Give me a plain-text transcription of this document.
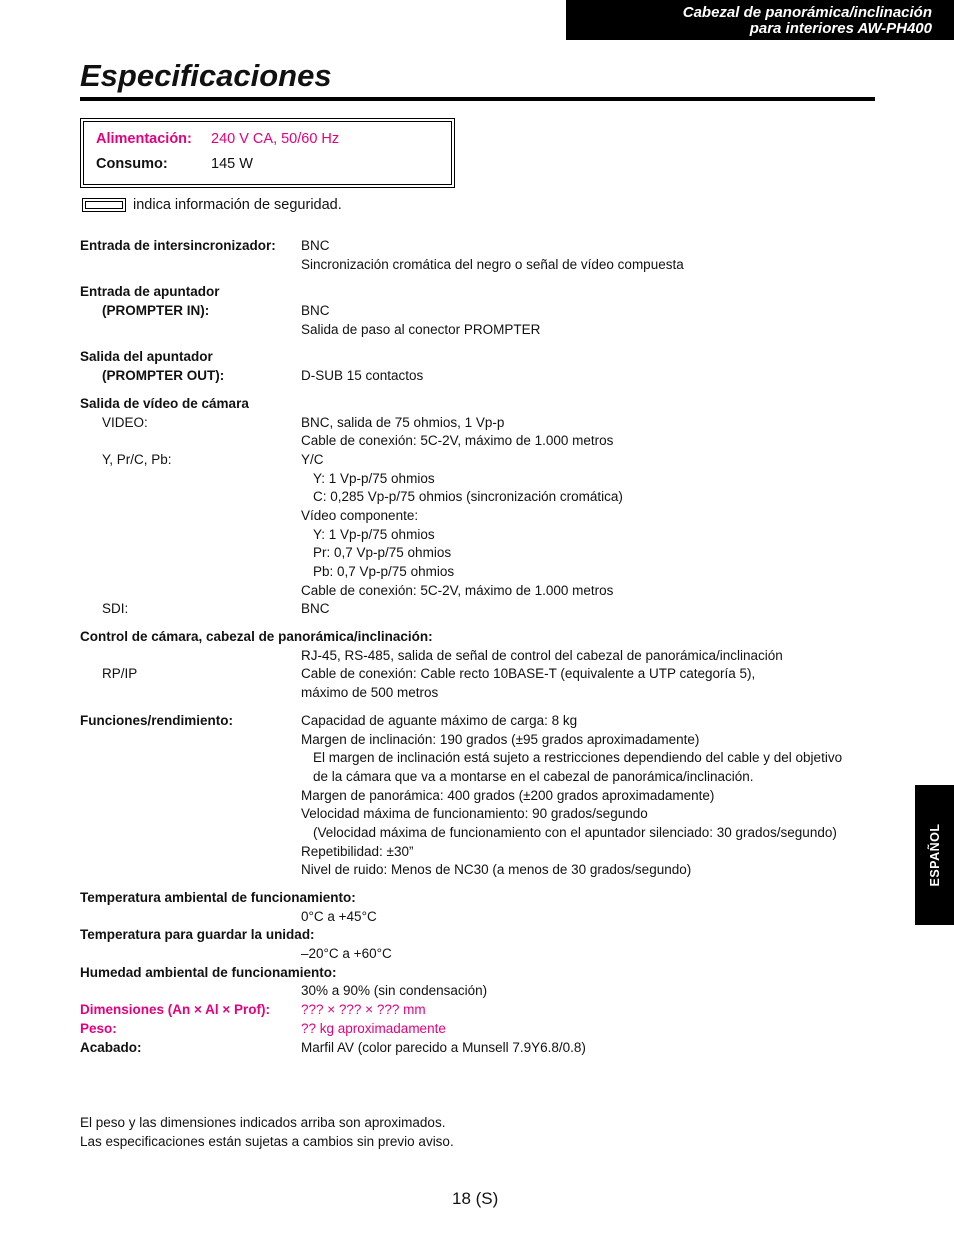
Cabezal de panorámica/inclinación
para interiores AW-PH400
Especificaciones
Alimentación: 240 V CA, 50/60 Hz
Consumo:	145 W
indica información de seguridad.
Entrada de intersincronizador: BNC
Sincronización cromática del negro o señal de vídeo compuesta
Entrada de apuntador
(PROMPTER IN):	BNC
Salida de paso al conector PROMPTER
Salida del apuntador
(PROMPTER OUT):	D-SUB 15 contactos
Salida de vídeo de cámara
VIDEO:	BNC, salida de 75 ohmios, 1 Vp-p
Cable de conexión: 5C-2V, máximo de 1.000 metros
Y, Pr/C, Pb:	Y/C
Y: 1 Vp-p/75 ohmios
C: 0,285 Vp-p/75 ohmios (sincronización cromática)
Vídeo componente:
Y: 1 Vp-p/75 ohmios
Pr: 0,7 Vp-p/75 ohmios
Pb: 0,7 Vp-p/75 ohmios
Cable de conexión: 5C-2V, máximo de 1.000 metros
SDI:	BNC
Control de cámara, cabezal de panorámica/inclinación:
RJ-45, RS-485, salida de señal de control del cabezal de panorámica/inclinación
RP/IP	Cable de conexión: Cable recto 10BASE-T (equivalente a UTP categoría 5),
máximo de 500 metros
Funciones/rendimiento:	Capacidad de aguante máximo de carga: 8 kg
Margen de inclinación: 190 grados (±95 grados aproximadamente)
El margen de inclinación está sujeto a restricciones dependiendo del cable y del objetivo
de la cámara que va a montarse en el cabezal de panorámica/inclinación.
Margen de panorámica: 400 grados (±200 grados aproximadamente)
Velocidad máxima de funcionamiento: 90 grados/segundo
(Velocidad máxima de funcionamiento con el apuntador silenciado: 30 grados/segundo)
Repetibilidad: ±30”
Nivel de ruido: Menos de NC30 (a menos de 30 grados/segundo)
Temperatura ambiental de funcionamiento:
0°C a +45°C
Temperatura para guardar la unidad:
–20°C a +60°C
Humedad ambiental de funcionamiento:
30% a 90% (sin condensación)
Dimensiones (An × Al × Prof): ??? × ??? × ??? mm
Peso:	?? kg aproximadamente
Acabado:	Marfil AV (color parecido a Munsell 7.9Y6.8/0.8)
El peso y las dimensiones indicados arriba son aproximados.
Las especificaciones están sujetas a cambios sin previo aviso.
18 (S)
ESPAÑOL
